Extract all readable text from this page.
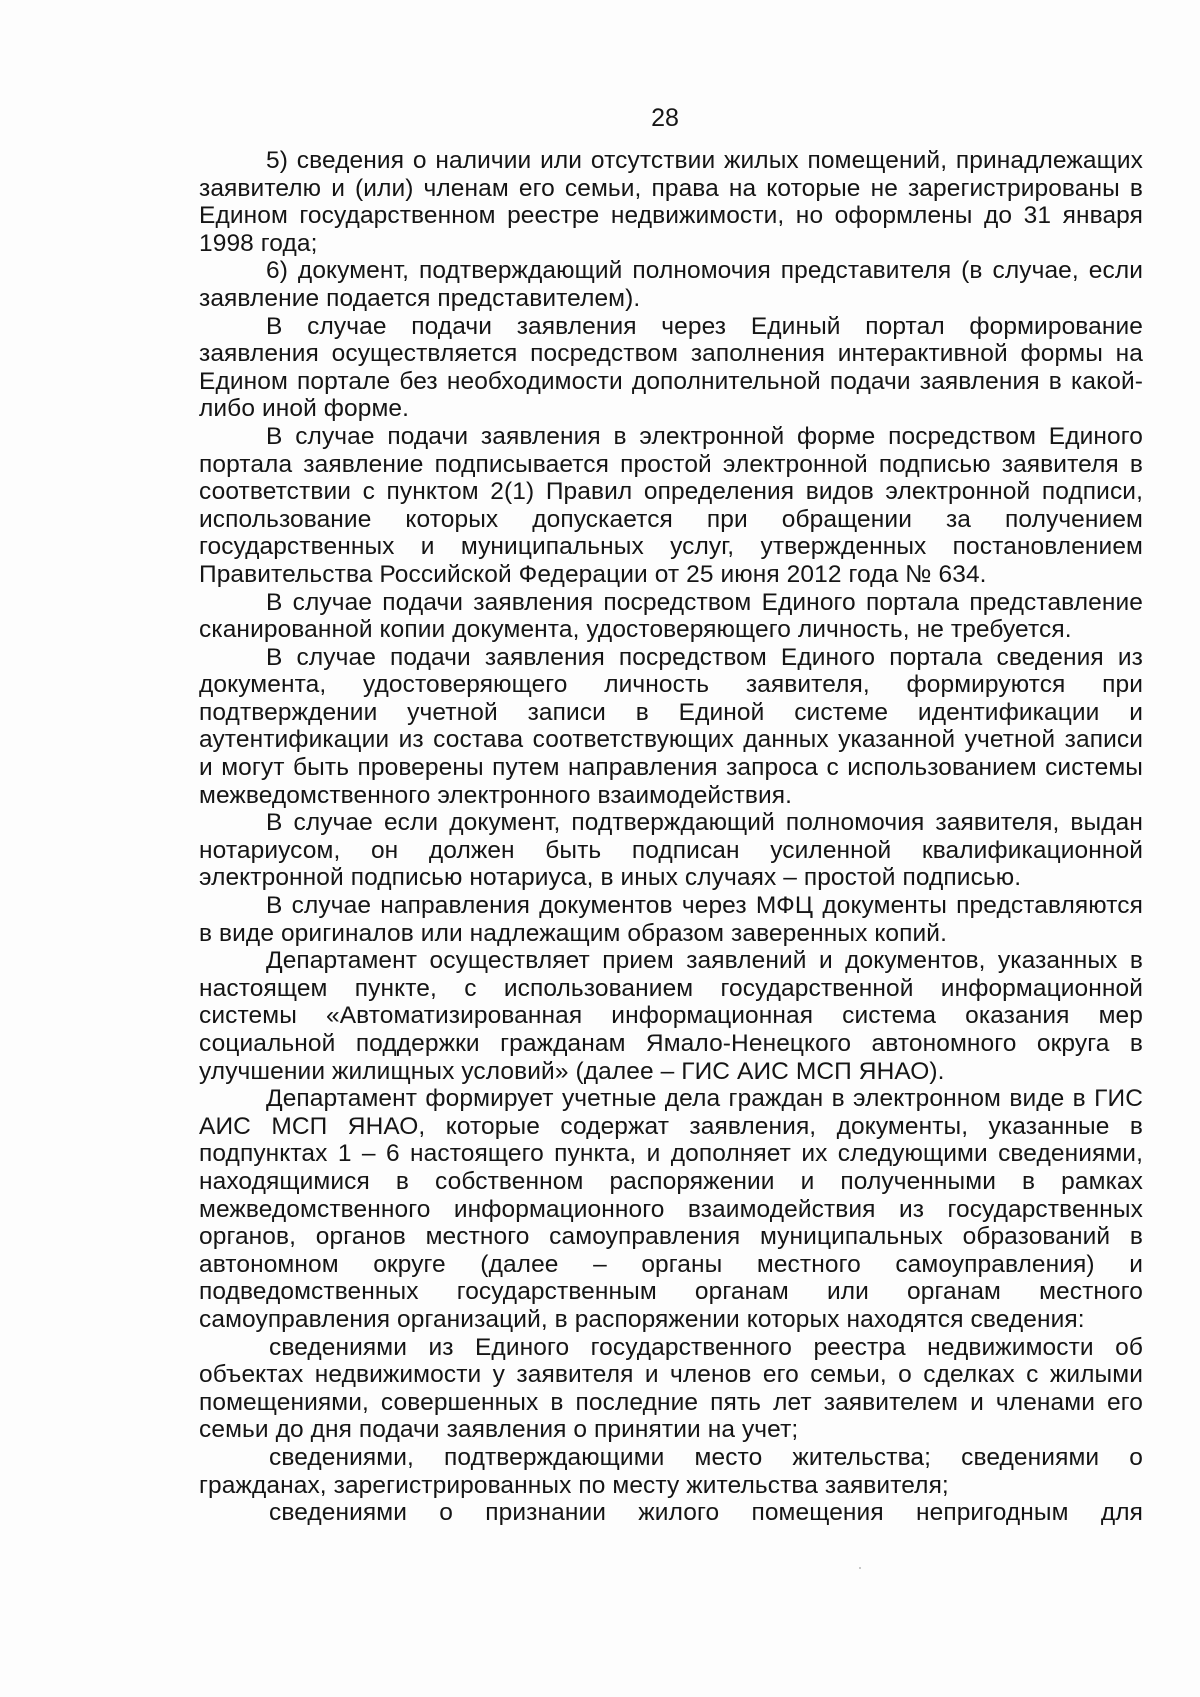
28

5) сведения о наличии или отсутствии жилых помещений, принадлежащих заявителю и (или) членам его семьи, права на которые не зарегистрированы в Едином государственном реестре недвижимости, но оформлены до 31 января 1998 года;

6) документ, подтверждающий полномочия представителя (в случае, если заявление подается представителем).

В случае подачи заявления через Единый портал формирование заявления осуществляется посредством заполнения интерактивной формы на Едином портале без необходимости дополнительной подачи заявления в какой-либо иной форме.

В случае подачи заявления в электронной форме посредством Единого портала заявление подписывается простой электронной подписью заявителя в соответствии с пунктом 2(1) Правил определения видов электронной подписи, использование которых допускается при обращении за получением государственных и муниципальных услуг, утвержденных постановлением Правительства Российской Федерации от 25 июня 2012 года № 634.

В случае подачи заявления посредством Единого портала представление сканированной копии документа, удостоверяющего личность, не требуется.

В случае подачи заявления посредством Единого портала сведения из документа, удостоверяющего личность заявителя, формируются при подтверждении учетной записи в Единой системе идентификации и аутентификации из состава соответствующих данных указанной учетной записи и могут быть проверены путем направления запроса с использованием системы межведомственного электронного взаимодействия.

В случае если документ, подтверждающий полномочия заявителя, выдан нотариусом, он должен быть подписан усиленной квалификационной электронной подписью нотариуса, в иных случаях – простой подписью.

В случае направления документов через МФЦ документы представляются в виде оригиналов или надлежащим образом заверенных копий.

Департамент осуществляет прием заявлений и документов, указанных в настоящем пункте, с использованием государственной информационной системы «Автоматизированная информационная система оказания мер социальной поддержки гражданам Ямало-Ненецкого автономного округа в улучшении жилищных условий» (далее – ГИС АИС МСП ЯНАО).

Департамент формирует учетные дела граждан в электронном виде в ГИС АИС МСП ЯНАО, которые содержат заявления, документы, указанные в подпунктах 1 – 6 настоящего пункта, и дополняет их следующими сведениями, находящимися в собственном распоряжении и полученными в рамках межведомственного информационного взаимодействия из государственных органов, органов местного самоуправления муниципальных образований в автономном округе (далее – органы местного самоуправления) и подведомственных государственным органам или органам местного самоуправления организаций, в распоряжении которых находятся сведения:

сведениями из Единого государственного реестра недвижимости об объектах недвижимости у заявителя и членов его семьи, о сделках с жилыми помещениями, совершенных в последние пять лет заявителем и членами его семьи до дня подачи заявления о принятии на учет;

сведениями, подтверждающими место жительства; сведениями о гражданах, зарегистрированных по месту жительства заявителя;

сведениями о признании жилого помещения непригодным для
